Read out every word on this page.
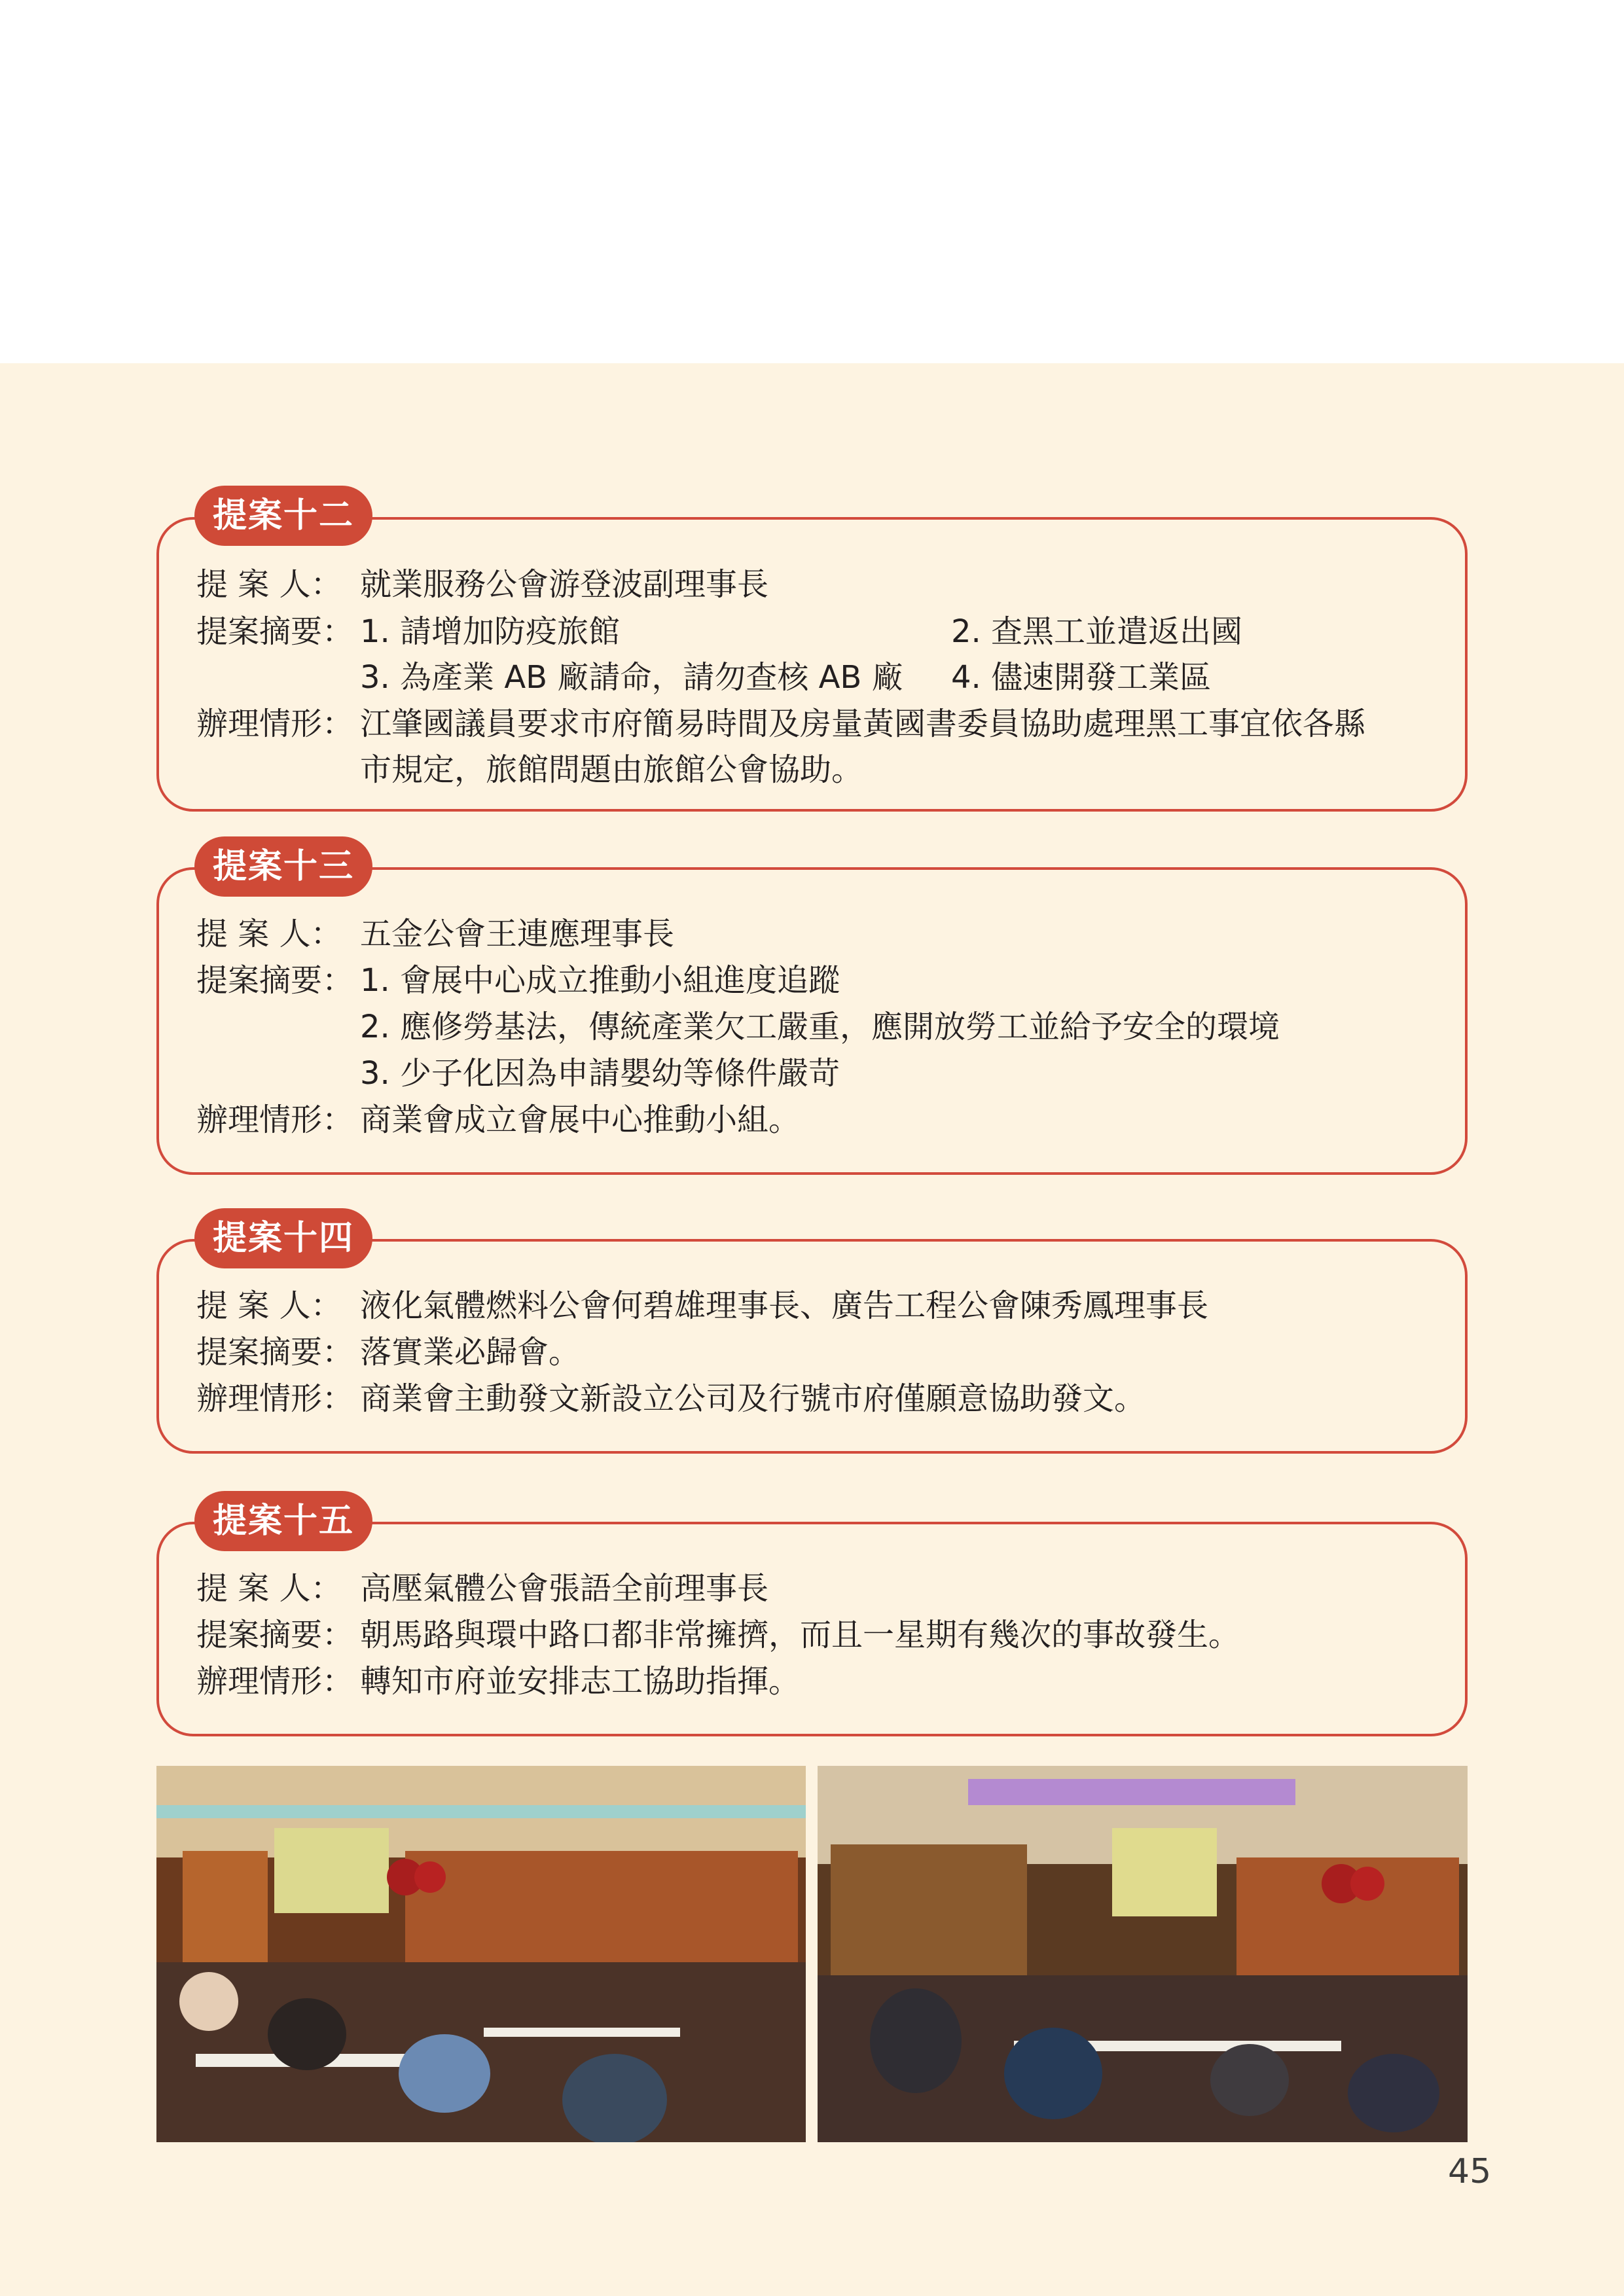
提案十二
提 案 人： 就業服務公會游登波副理事長
提案摘要： 1. 請增加防疫旅館	2. 查黑工並遣返出國
3. 為產業 AB 廠請命，請勿查核 AB 廠 4. 儘速開發工業區
辦理情形： 江肇國議員要求市府簡易時間及房量黃國書委員協助處理黑工事宜依各縣
市規定，旅館問題由旅館公會協助。
提案十三
提 案 人： 五金公會王連應理事長
提案摘要： 1. 會展中心成立推動小組進度追蹤
2. 應修勞基法，傳統產業欠工嚴重，應開放勞工並給予安全的環境
3. 少子化因為申請嬰幼等條件嚴苛
辦理情形： 商業會成立會展中心推動小組。
提案十四
提 案 人： 液化氣體燃料公會何碧雄理事長、廣告工程公會陳秀鳳理事長
提案摘要： 落實業必歸會。
辦理情形： 商業會主動發文新設立公司及行號市府僅願意協助發文。
提案十五
提 案 人： 高壓氣體公會張語全前理事長
提案摘要： 朝馬路與環中路口都非常擁擠，而且一星期有幾次的事故發生。
辦理情形： 轉知市府並安排志工協助指揮。
45
